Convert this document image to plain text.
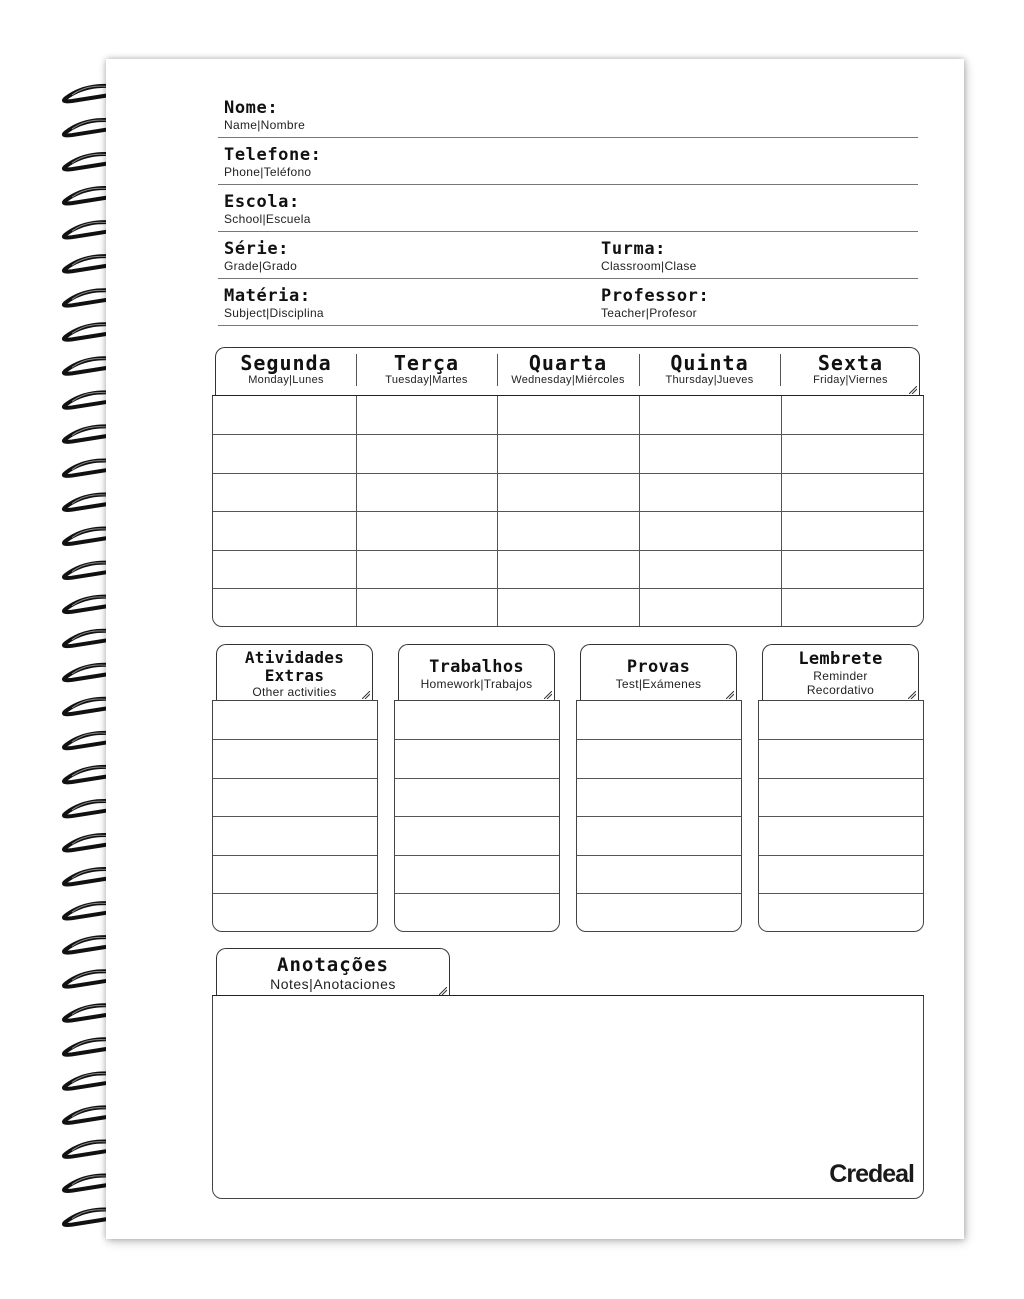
Nome:
Name|Nombre
Telefone:
Phone|Teléfono
Escola:
School|Escuela
Série:
Grade|Grado
Turma:
Classroom|Clase
Matéria:
Subject|Disciplina
Professor:
Teacher|Profesor
Segunda
Monday|Lunes
Terça
Tuesday|Martes
Quarta
Wednesday|Miércoles
Quinta
Thursday|Jueves
Sexta
Friday|Viernes
Atividades Extras
Other activities
Trabalhos
Homework|Trabajos
Provas
Test|Exámenes
Lembrete
Reminder
Recordativo
Anotações
Notes|Anotaciones
Credeal
